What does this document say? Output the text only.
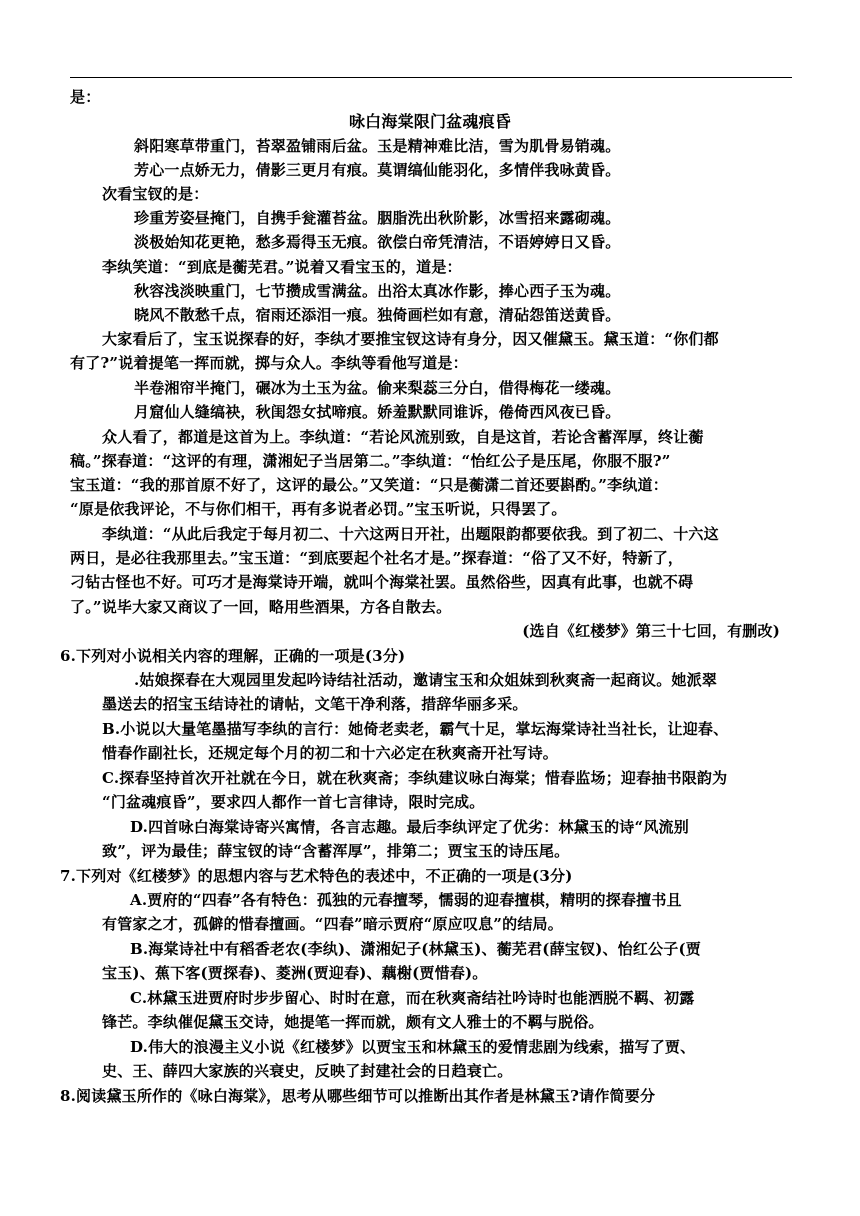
是：
咏白海棠限门盆魂痕昏
斜阳寒草带重门，苔翠盈铺雨后盆。玉是精神难比洁，雪为肌骨易销魂。
芳心一点娇无力，倩影三更月有痕。莫谓缟仙能羽化，多情伴我咏黄昏。
次看宝钗的是：
珍重芳姿昼掩门，自携手瓮灌苔盆。胭脂洗出秋阶影，冰雪招来露砌魂。
淡极始知花更艳，愁多焉得玉无痕。欲偿白帝凭清洁，不语婷婷日又昏。
李纨笑道：“到底是蘅芜君。”说着又看宝玉的，道是：
秋容浅淡映重门，七节攒成雪满盆。出浴太真冰作影，捧心西子玉为魂。
晓风不散愁千点，宿雨还添泪一痕。独倚画栏如有意，清砧怨笛送黄昏。
大家看后了，宝玉说探春的好，李纨才要推宝钗这诗有身分，因又催黛玉。黛玉道：“你们都
有了?”说着提笔一挥而就，掷与众人。李纨等看他写道是：
半卷湘帘半掩门，碾冰为土玉为盆。偷来梨蕊三分白，借得梅花一缕魂。
月窟仙人缝缟袂，秋闺怨女拭啼痕。娇羞默默同谁诉，倦倚西风夜已昏。
众人看了，都道是这首为上。李纨道：“若论风流别致，自是这首，若论含蓄浑厚，终让蘅
稿。”探春道：“这评的有理，潇湘妃子当居第二。”李纨道：“怡红公子是压尾，你服不服?”
宝玉道：“我的那首原不好了，这评的最公。”又笑道：“只是蘅潇二首还要斟酌。”李纨道：
“原是依我评论，不与你们相干，再有多说者必罚。”宝玉听说，只得罢了。
李纨道：“从此后我定于每月初二、十六这两日开社，出题限韵都要依我。到了初二、十六这
两日，是必往我那里去。”宝玉道：“到底要起个社名才是。”探春道：“俗了又不好，特新了，
刁钻古怪也不好。可巧才是海棠诗开端，就叫个海棠社罢。虽然俗些，因真有此事，也就不碍
了。”说毕大家又商议了一回，略用些酒果，方各自散去。
(选自《红楼梦》第三十七回，有删改)
6.下列对小说相关内容的理解，正确的一项是(3分)
.姑娘探春在大观园里发起吟诗结社活动，邀请宝玉和众姐妹到秋爽斋一起商议。她派翠
墨送去的招宝玉结诗社的请帖，文笔干净利落，措辞华丽多采。
B.小说以大量笔墨描写李纨的言行：她倚老卖老，霸气十足，掌坛海棠诗社当社长，让迎春、
惜春作副社长，还规定每个月的初二和十六必定在秋爽斋开社写诗。
C.探春坚持首次开社就在今日，就在秋爽斋；李纨建议咏白海棠；惜春监场；迎春抽书限韵为
“门盆魂痕昏”，要求四人都作一首七言律诗，限时完成。
D.四首咏白海棠诗寄兴寓情，各言志趣。最后李纨评定了优劣：林黛玉的诗“风流别
致”，评为最佳；薛宝钗的诗“含蓄浑厚”，排第二；贾宝玉的诗压尾。
7.下列对《红楼梦》的思想内容与艺术特色的表述中，不正确的一项是(3分)
A.贾府的“四春”各有特色：孤独的元春擅琴，懦弱的迎春擅棋，精明的探春擅书且
有管家之才，孤僻的惜春擅画。“四春”暗示贾府“原应叹息”的结局。
B.海棠诗社中有稻香老农(李纨)、潇湘妃子(林黛玉)、蘅芜君(薛宝钗)、怡红公子(贾
宝玉)、蕉下客(贾探春)、菱洲(贾迎春)、藕榭(贾惜春)。
C.林黛玉进贾府时步步留心、时时在意，而在秋爽斋结社吟诗时也能洒脱不羁、初露
锋芒。李纨催促黛玉交诗，她提笔一挥而就，颇有文人雅士的不羁与脱俗。
D.伟大的浪漫主义小说《红楼梦》以贾宝玉和林黛玉的爱情悲剧为线索，描写了贾、
史、王、薛四大家族的兴衰史，反映了封建社会的日趋衰亡。
8.阅读黛玉所作的《咏白海棠》，思考从哪些细节可以推断出其作者是林黛玉?请作简要分
